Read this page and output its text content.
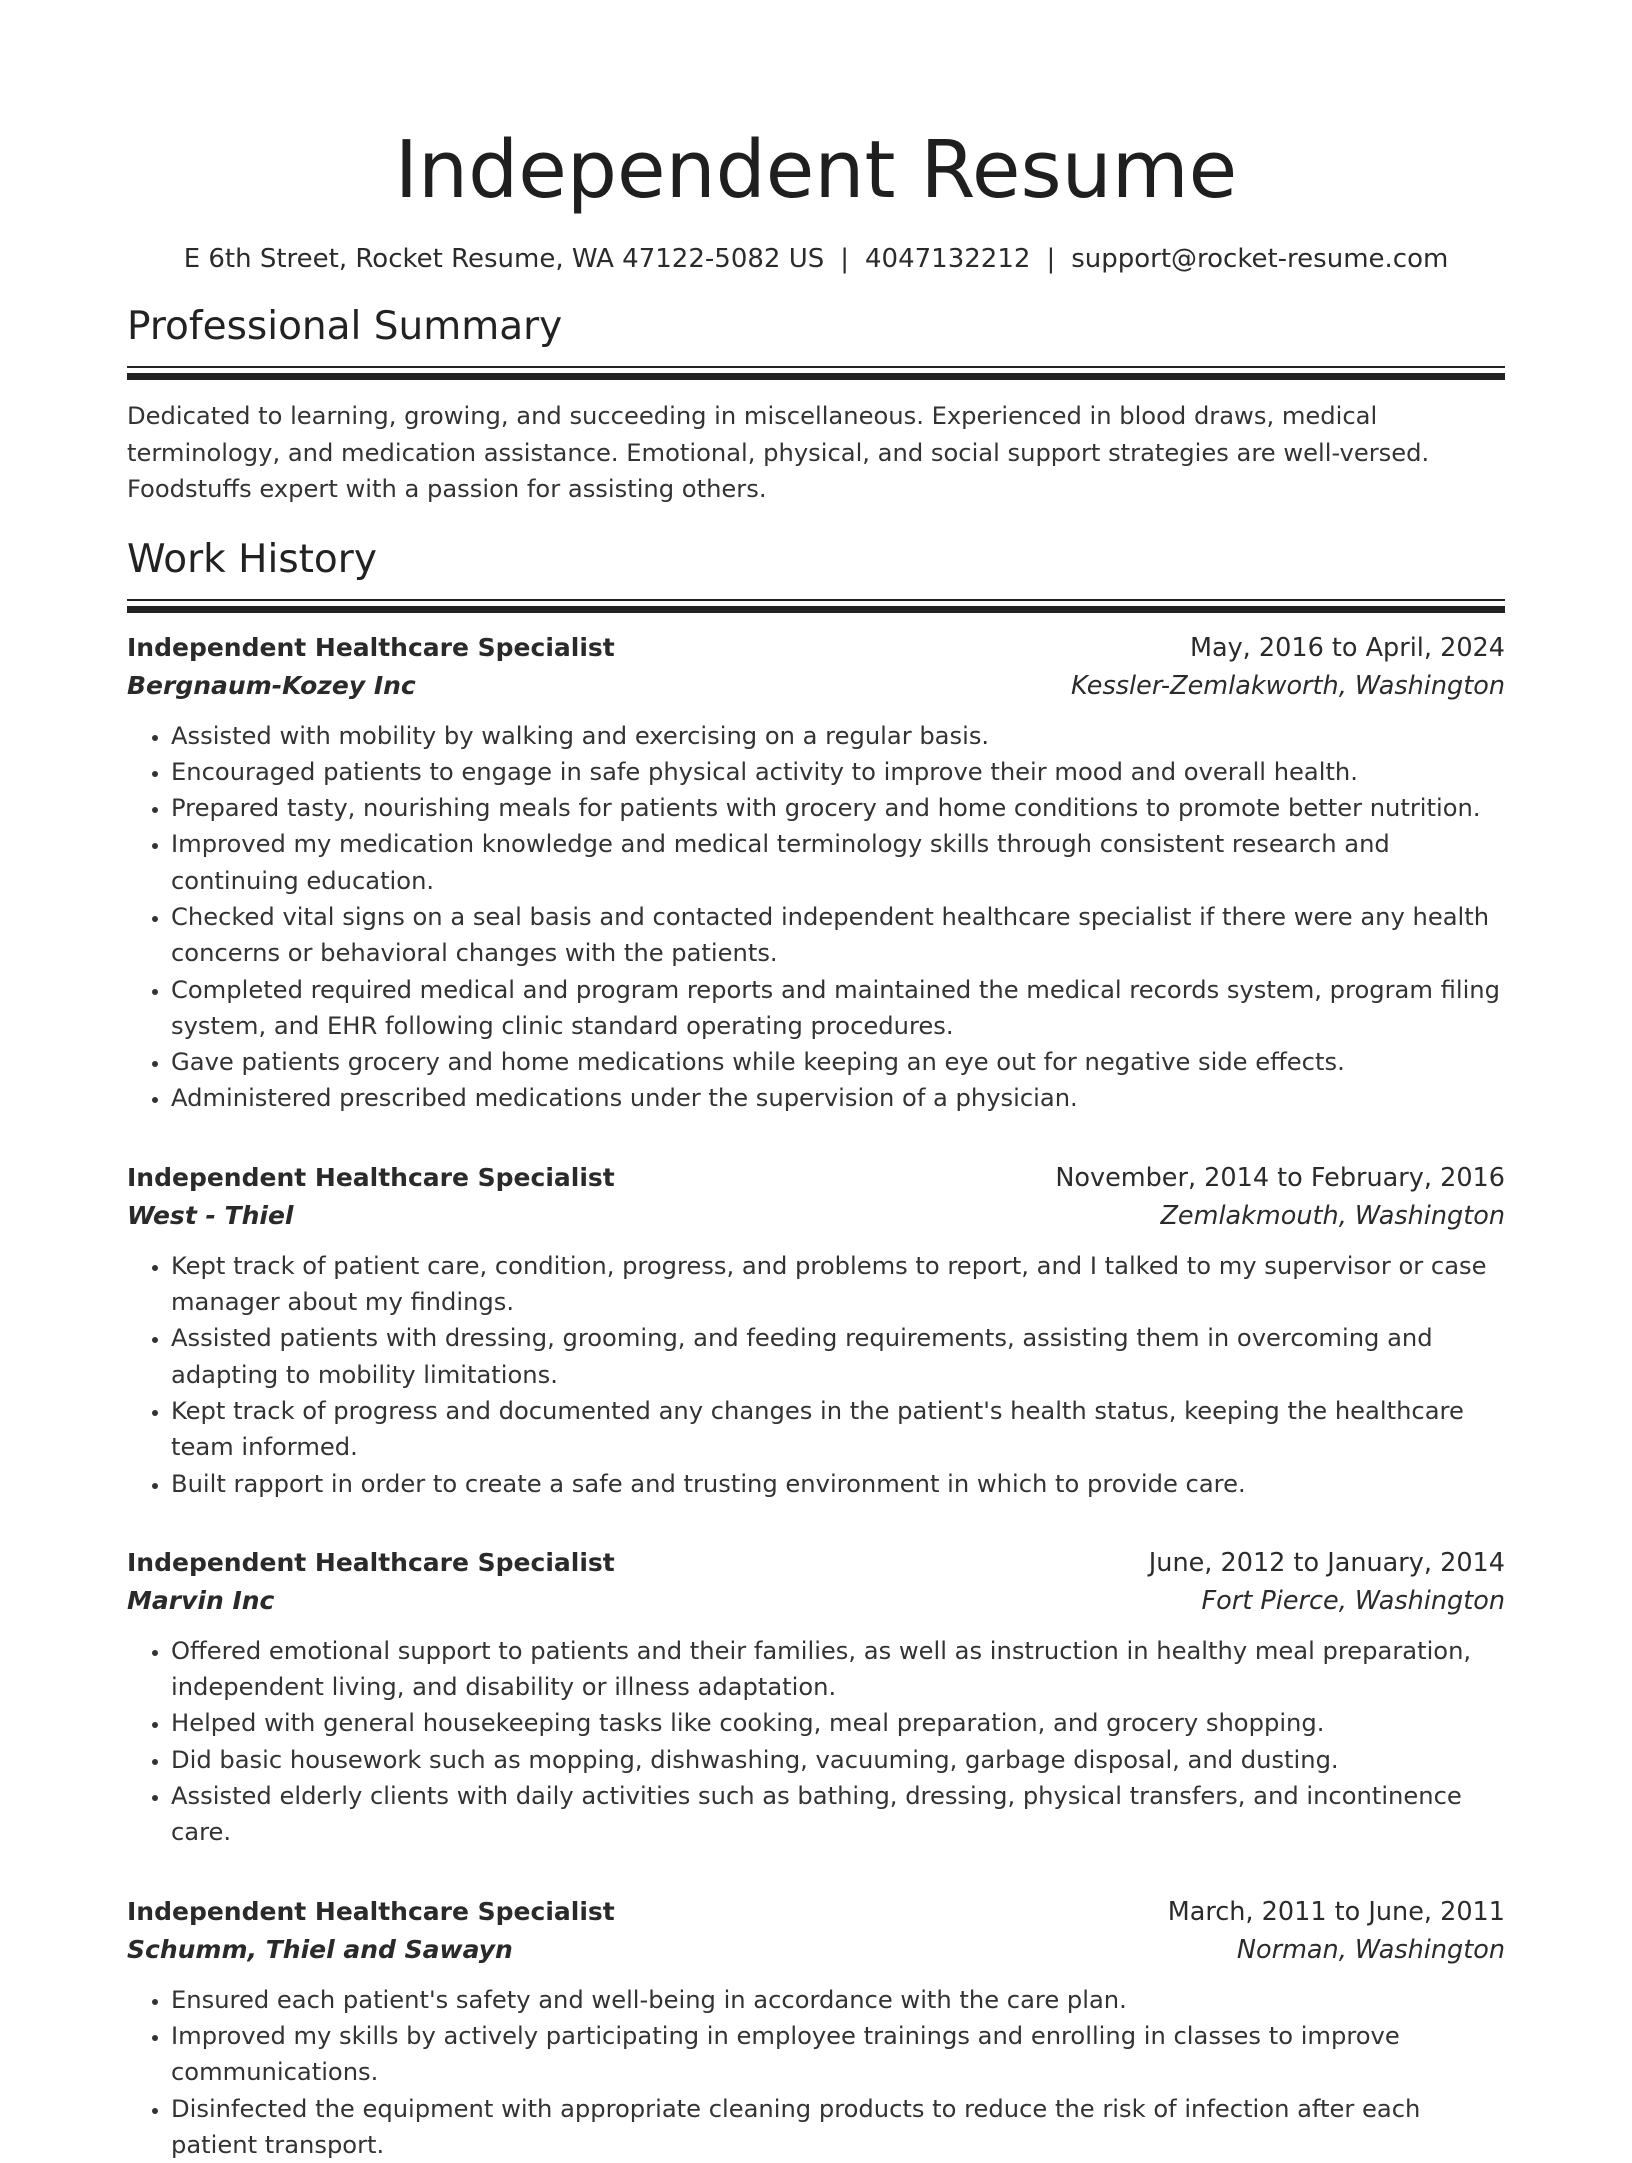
Independent Resume
E 6th Street, Rocket Resume, WA 47122-5082 US | 4047132212 | support@rocket-resume.com
Professional Summary

Dedicated to learning, growing, and succeeding in miscellaneous. Experienced in blood draws, medical terminology, and medication assistance. Emotional, physical, and social support strategies are well-versed. Foodstuffs expert with a passion for assisting others.

Work History
Independent Healthcare Specialist	May, 2016 to April, 2024
Bergnaum-Kozey Inc	Kessler-Zemlakworth, Washington
• Assisted with mobility by walking and exercising on a regular basis.
• Encouraged patients to engage in safe physical activity to improve their mood and overall health.
• Prepared tasty, nourishing meals for patients with grocery and home conditions to promote better nutrition.
• Improved my medication knowledge and medical terminology skills through consistent research and continuing education.
• Checked vital signs on a seal basis and contacted independent healthcare specialist if there were any health concerns or behavioral changes with the patients.
• Completed required medical and program reports and maintained the medical records system, program filing system, and EHR following clinic standard operating procedures.
• Gave patients grocery and home medications while keeping an eye out for negative side effects.
• Administered prescribed medications under the supervision of a physician.
Independent Healthcare Specialist	November, 2014 to February, 2016
West - Thiel	Zemlakmouth, Washington
• Kept track of patient care, condition, progress, and problems to report, and I talked to my supervisor or case manager about my findings.
• Assisted patients with dressing, grooming, and feeding requirements, assisting them in overcoming and adapting to mobility limitations.
• Kept track of progress and documented any changes in the patient's health status, keeping the healthcare team informed.
• Built rapport in order to create a safe and trusting environment in which to provide care.
Independent Healthcare Specialist	June, 2012 to January, 2014
Marvin Inc	Fort Pierce, Washington
• Offered emotional support to patients and their families, as well as instruction in healthy meal preparation, independent living, and disability or illness adaptation.
• Helped with general housekeeping tasks like cooking, meal preparation, and grocery shopping.
• Did basic housework such as mopping, dishwashing, vacuuming, garbage disposal, and dusting.
• Assisted elderly clients with daily activities such as bathing, dressing, physical transfers, and incontinence care.
Independent Healthcare Specialist	March, 2011 to June, 2011
Schumm, Thiel and Sawayn	Norman, Washington
• Ensured each patient's safety and well-being in accordance with the care plan.
• Improved my skills by actively participating in employee trainings and enrolling in classes to improve communications.
• Disinfected the equipment with appropriate cleaning products to reduce the risk of infection after each patient transport.
